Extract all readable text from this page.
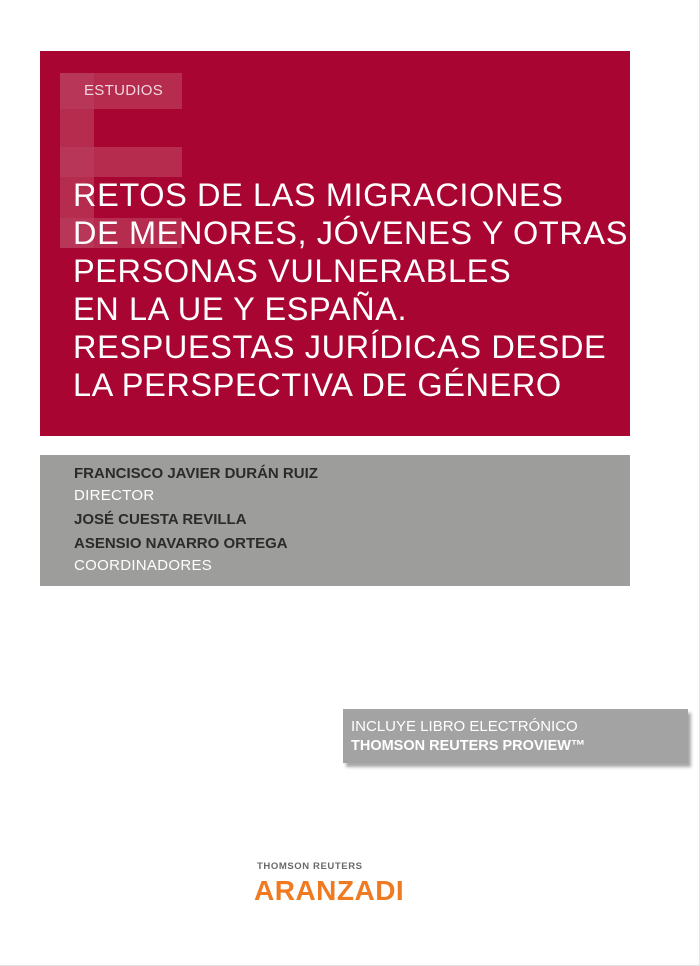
ESTUDIOS
RETOS DE LAS MIGRACIONES
DE MENORES, JÓVENES Y OTRAS
PERSONAS VULNERABLES
EN LA UE Y ESPAÑA.
RESPUESTAS JURÍDICAS DESDE
LA PERSPECTIVA DE GÉNERO
FRANCISCO JAVIER DURÁN RUIZ
DIRECTOR
JOSÉ CUESTA REVILLA
ASENSIO NAVARRO ORTEGA
COORDINADORES
INCLUYE LIBRO ELECTRÓNICO
THOMSON REUTERS PROVIEW™
THOMSON REUTERS
ARANZADI
